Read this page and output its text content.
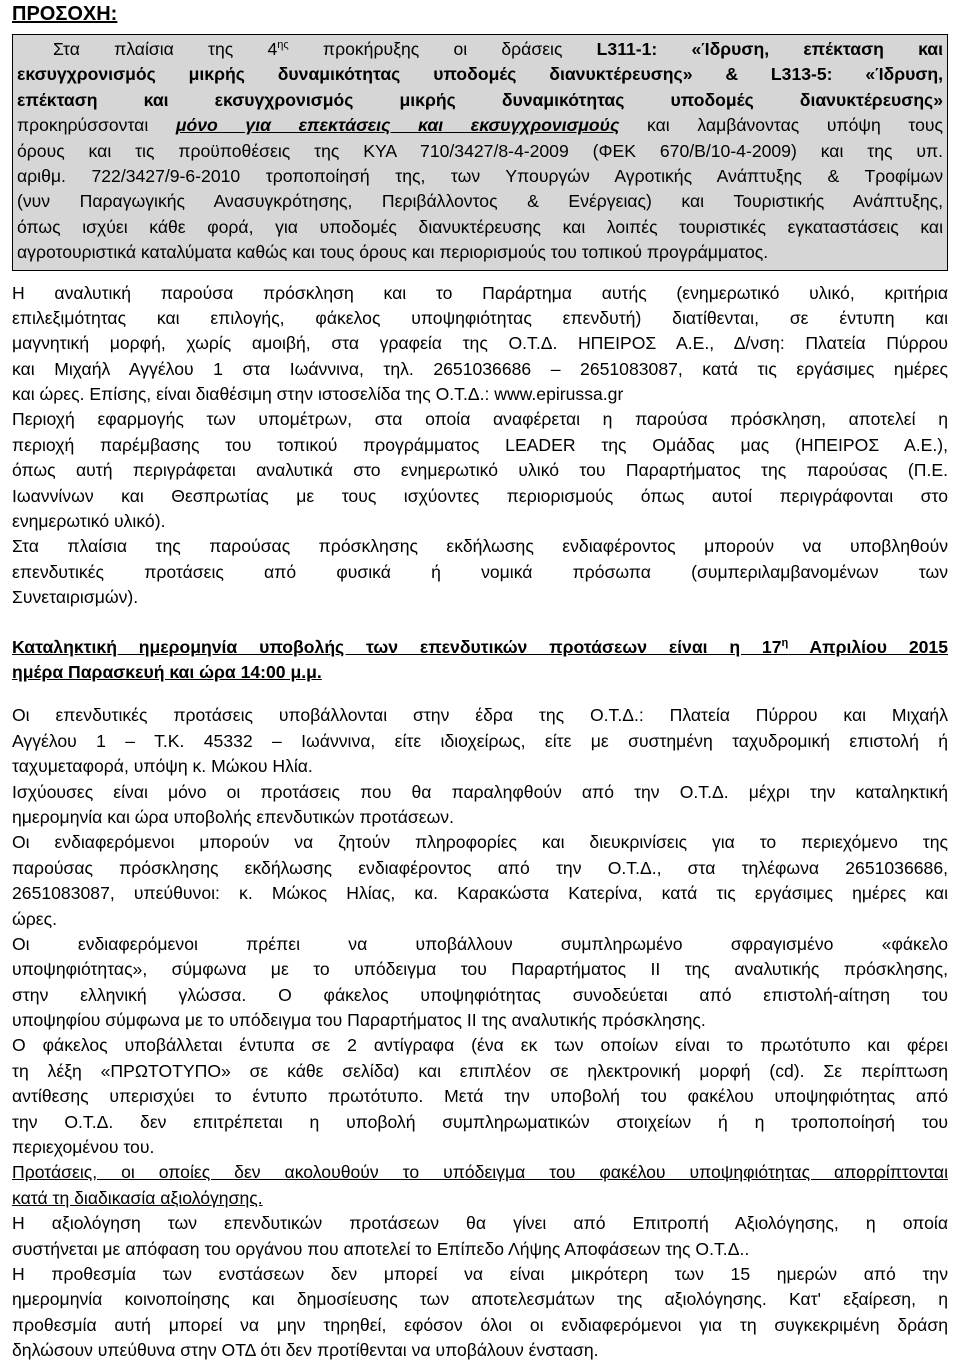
ΠΡΟΣΟΧΗ:
Στα πλαίσια της $4^{\eta\varsigma}$ προκήρυξης οι δράσεις L311-1: «Ίδρυση, επέκταση και
εκσυγχρονισμός μικρής δυναμικότητας υποδομές διανυκτέρευσης» & L313-5: «Ίδρυση,
επέκταση και εκσυγχρονισμός μικρής δυναμικότητας υποδομές διανυκτέρευσης»
προκηρύσσονται μόνο για επεκτάσεις και εκσυγχρονισμούς και λαμβάνοντας υπόψη τους
όρους και τις προϋποθέσεις της ΚΥΑ 710/3427/8-4-2009 (ΦΕΚ 670/Β/10-4-2009) και της υπ.
αριθμ. 722/3427/9-6-2010 τροποποίησή της, των Υπουργών Αγροτικής Ανάπτυξης & Τροφίμων
(νυν Παραγωγικής Ανασυγκρότησης, Περιβάλλοντος & Ενέργειας) και Τουριστικής Ανάπτυξης,
όπως ισχύει κάθε φορά, για υποδομές διανυκτέρευσης και λοιπές τουριστικές εγκαταστάσεις και
αγροτουριστικά καταλύματα καθώς και τους όρους και περιορισμούς του τοπικού προγράμματος.
Η αναλυτική παρούσα πρόσκληση και το Παράρτημα αυτής (ενημερωτικό υλικό, κριτήρια
επιλεξιμότητας και επιλογής, φάκελος υποψηφιότητας επενδυτή) διατίθενται, σε έντυπη και
μαγνητική μορφή, χωρίς αμοιβή, στα γραφεία της Ο.Τ.Δ. ΗΠΕΙΡΟΣ Α.Ε., Δ/νση: Πλατεία Πύρρου
και Μιχαήλ Αγγέλου 1 στα Ιωάννινα, τηλ. 2651036686 – 2651083087, κατά τις εργάσιμες ημέρες
και ώρες. Επίσης, είναι διαθέσιμη στην ιστοσελίδα της Ο.Τ.Δ.: www.epirussa.gr
Περιοχή εφαρμογής των υπομέτρων, στα οποία αναφέρεται η παρούσα πρόσκληση, αποτελεί η
περιοχή παρέμβασης του τοπικού προγράμματος LEADER της Ομάδας μας (ΗΠΕΙΡΟΣ Α.Ε.),
όπως αυτή περιγράφεται αναλυτικά στο ενημερωτικό υλικό του Παραρτήματος της παρούσας (Π.Ε.
Ιωαννίνων και Θεσπρωτίας με τους ισχύοντες περιορισμούς όπως αυτοί περιγράφονται στο
ενημερωτικό υλικό).
Στα πλαίσια της παρούσας πρόσκλησης εκδήλωσης ενδιαφέροντος μπορούν να υποβληθούν
επενδυτικές προτάσεις από φυσικά ή νομικά πρόσωπα (συμπεριλαμβανομένων των
Συνεταιρισμών).
Καταληκτική ημερομηνία υποβολής των επενδυτικών προτάσεων είναι η $17^\eta$ Απριλίου 2015
ημέρα Παρασκευή και ώρα 14:00 μ.μ.
Οι επενδυτικές προτάσεις υποβάλλονται στην έδρα της Ο.Τ.Δ.: Πλατεία Πύρρου και Μιχαήλ
Αγγέλου 1 – Τ.Κ. 45332 – Ιωάννινα, είτε ιδιοχείρως, είτε με συστημένη ταχυδρομική επιστολή ή
ταχυμεταφορά, υπόψη κ. Μώκου Ηλία.
Ισχύουσες είναι μόνο οι προτάσεις που θα παραληφθούν από την Ο.Τ.Δ. μέχρι την καταληκτική
ημερομηνία και ώρα υποβολής επενδυτικών προτάσεων.
Οι ενδιαφερόμενοι μπορούν να ζητούν πληροφορίες και διευκρινίσεις για το περιεχόμενο της
παρούσας πρόσκλησης εκδήλωσης ενδιαφέροντος από την Ο.Τ.Δ., στα τηλέφωνα 2651036686,
2651083087, υπεύθυνοι: κ. Μώκος Ηλίας, κα. Καρακώστα Κατερίνα, κατά τις εργάσιμες ημέρες και
ώρες.
Οι ενδιαφερόμενοι πρέπει να υποβάλλουν συμπληρωμένο σφραγισμένο «φάκελο
υποψηφιότητας», σύμφωνα με το υπόδειγμα του Παραρτήματος ΙΙ της αναλυτικής πρόσκλησης,
στην ελληνική γλώσσα. Ο φάκελος υποψηφιότητας συνοδεύεται από επιστολή-αίτηση του
υποψηφίου σύμφωνα με το υπόδειγμα του Παραρτήματος ΙΙ της αναλυτικής πρόσκλησης.
Ο φάκελος υποβάλλεται έντυπα σε 2 αντίγραφα (ένα εκ των οποίων είναι το πρωτότυπο και φέρει
τη λέξη «ΠΡΩΤΟΤΥΠΟ» σε κάθε σελίδα) και επιπλέον σε ηλεκτρονική μορφή (cd). Σε περίπτωση
αντίθεσης υπερισχύει το έντυπο πρωτότυπο. Μετά την υποβολή του φακέλου υποψηφιότητας από
την Ο.Τ.Δ. δεν επιτρέπεται η υποβολή συμπληρωματικών στοιχείων ή η τροποποίησή του
περιεχομένου του.
Προτάσεις, οι οποίες δεν ακολουθούν το υπόδειγμα του φακέλου υποψηφιότητας απορρίπτονται
κατά τη διαδικασία αξιολόγησης.
Η αξιολόγηση των επενδυτικών προτάσεων θα γίνει από Επιτροπή Αξιολόγησης, η οποία
συστήνεται με απόφαση του οργάνου που αποτελεί το Επίπεδο Λήψης Αποφάσεων της Ο.Τ.Δ..
Η προθεσμία των ενστάσεων δεν μπορεί να είναι μικρότερη των 15 ημερών από την
ημερομηνία κοινοποίησης και δημοσίευσης των αποτελεσμάτων της αξιολόγησης. Κατ' εξαίρεση, η
προθεσμία αυτή μπορεί να μην τηρηθεί, εφόσον όλοι οι ενδιαφερόμενοι για τη συγκεκριμένη δράση
δηλώσουν υπεύθυνα στην ΟΤΔ ότι δεν προτίθενται να υποβάλουν ένσταση.
